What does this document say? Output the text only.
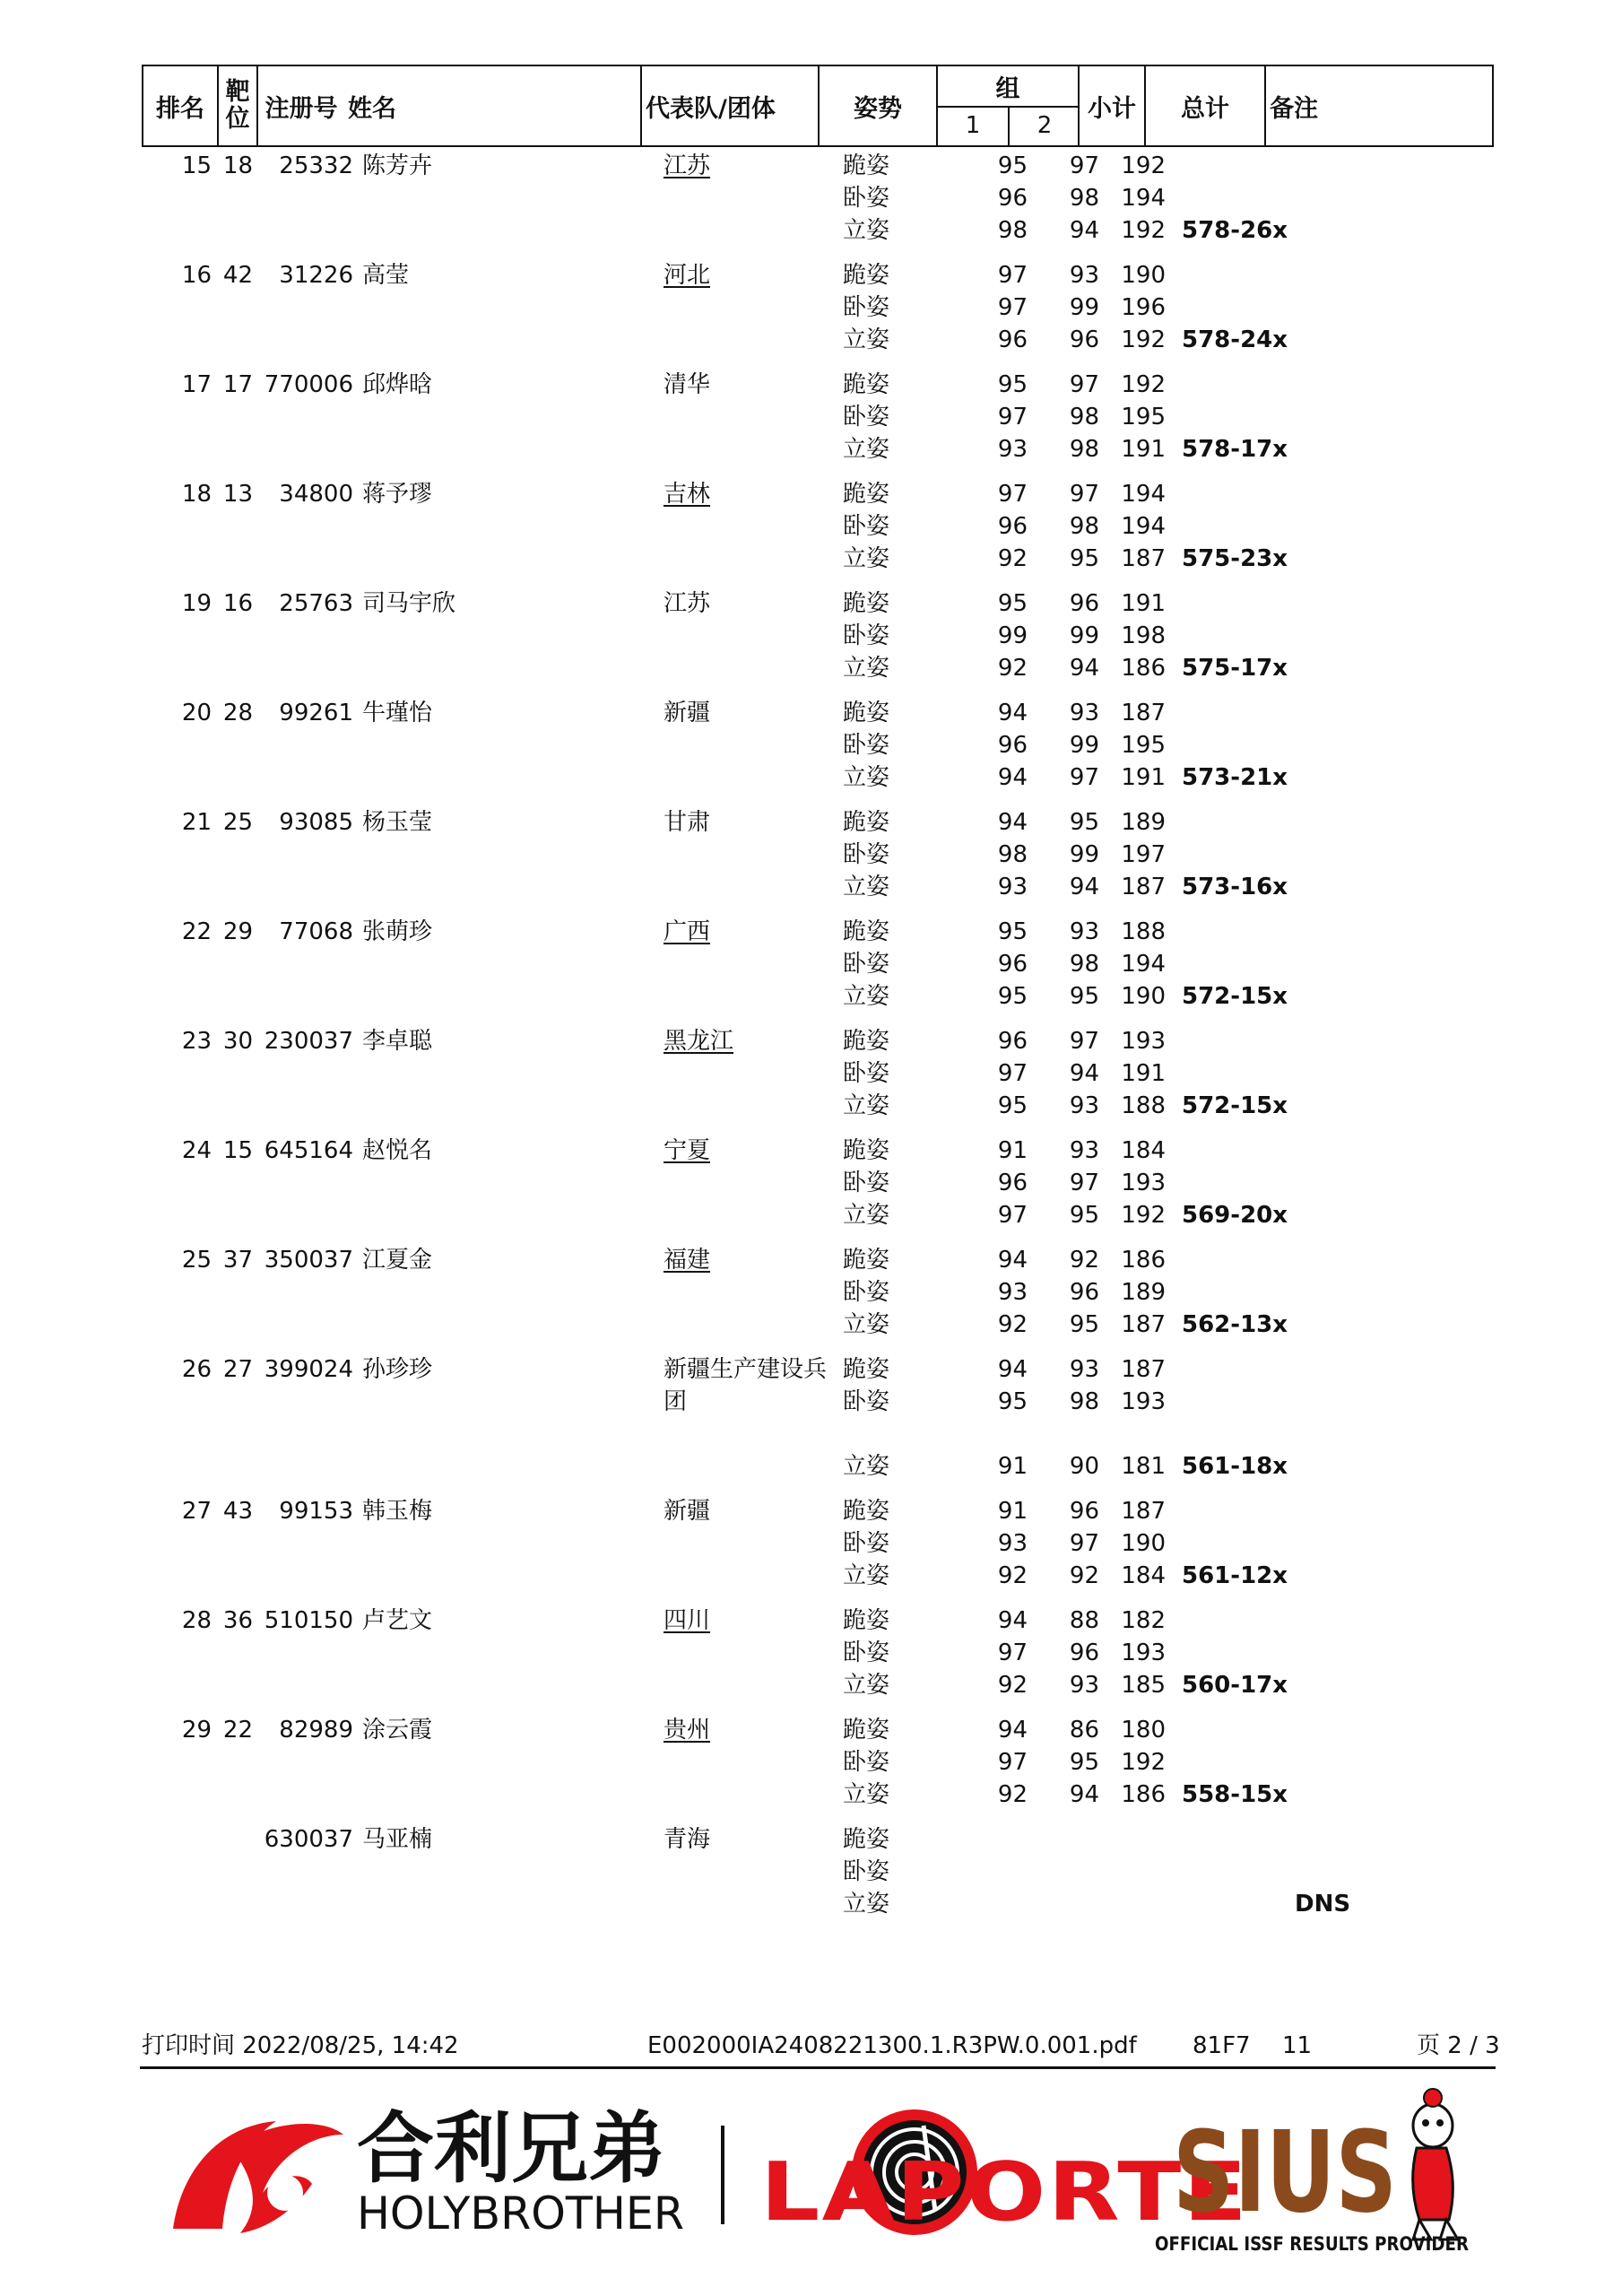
排名
靶位 注册号 姓名	代表队/团体	姿势
组
1	2
小计 总计 备注
15 18	25332 陈芳卉	江苏	跪姿	95	97 192
卧姿	96	98 194
立姿	98	94 192 578-26x
16 42	31226 高莹	河北	跪姿	97	93 190
卧姿	97	99 196
立姿	96	96 192 578-24x
17 17 770006 邱烨晗	清华	跪姿	95	97 192
卧姿	97	98 195
立姿	93	98 191 578-17x
18 13	34800 蒋予璆	吉林	跪姿	97	97 194
卧姿	96	98 194
立姿	92	95 187 575-23x
19 16	25763 司马宇欣	江苏	跪姿	95	96 191
卧姿	99	99 198
立姿	92	94 186 575-17x
20 28	99261 牛瑾怡	新疆	跪姿	94	93 187
卧姿	96	99 195
立姿	94	97 191 573-21x
21 25	93085 杨玉莹	甘肃	跪姿	94	95 189
卧姿	98	99 197
立姿	93	94 187 573-16x
22 29	77068 张萌珍	广西	跪姿	95	93 188
卧姿	96	98 194
立姿	95	95 190 572-15x
23 30 230037 李卓聪	黑龙江	跪姿	96	97 193
卧姿	97	94 191
立姿	95	93 188 572-15x
24 15 645164 赵悦名	宁夏	跪姿	91	93 184
卧姿	96	97 193
立姿	97	95 192 569-20x
25 37 350037 江夏金	福建	跪姿	94	92 186
卧姿	93	96 189
立姿	92	95 187 562-13x
26 27 399024 孙珍珍	新疆生产建设兵
团
跪姿	94	93 187
卧姿	95	98 193
立姿	91	90 181 561-18x
27 43	99153 韩玉梅	新疆	跪姿	91	96 187
卧姿	93	97 190
立姿	92	92 184 561-12x
28 36 510150 卢艺文	四川	跪姿	94	88 182
卧姿	97	96 193
立姿	92	93 185 560-17x
29 22	82989 涂云霞	贵州	跪姿	94	86 180
卧姿	97	95 192
立姿	92	94 186 558-15x
630037 马亚楠	青海	跪姿
卧姿
立姿	DNS
打印时间 2022/08/25, 14:42	E002000IA2408221300.1.R3PW.0.001.pdf 81F7 11	页 2 / 3
合利兄弟
HOLYBROTHER LAPORTE
SIUS
OFFICIAL ISSF RESULTS PROVIDER
